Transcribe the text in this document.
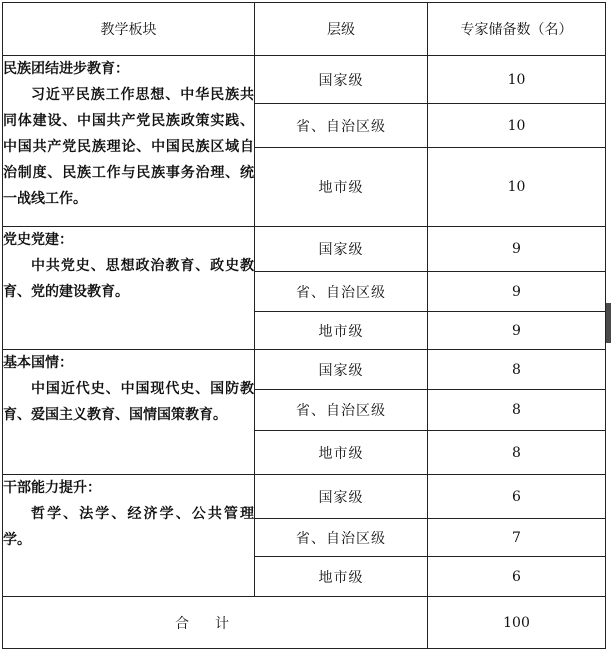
教学板块	层级	专家储备数（名）

民族团结进步教育：
习近平民族工作思想、中华民族共同体建设、中国共产党民族政策实践、中国共产党民族理论、中国民族区域自治制度、民族工作与民族事务治理、统一战线工作。	国家级	10
	省、自治区级	10
	地市级	10

党史党建：
中共党史、思想政治教育、政史教育、党的建设教育。	国家级	9
	省、自治区级	9
	地市级	9

基本国情：
中国近代史、中国现代史、国防教育、爱国主义教育、国情国策教育。	国家级	8
	省、自治区级	8
	地市级	8

干部能力提升：
哲学、法学、经济学、公共管理学。	国家级	6
	省、自治区级	7
	地市级	6
合计		100
